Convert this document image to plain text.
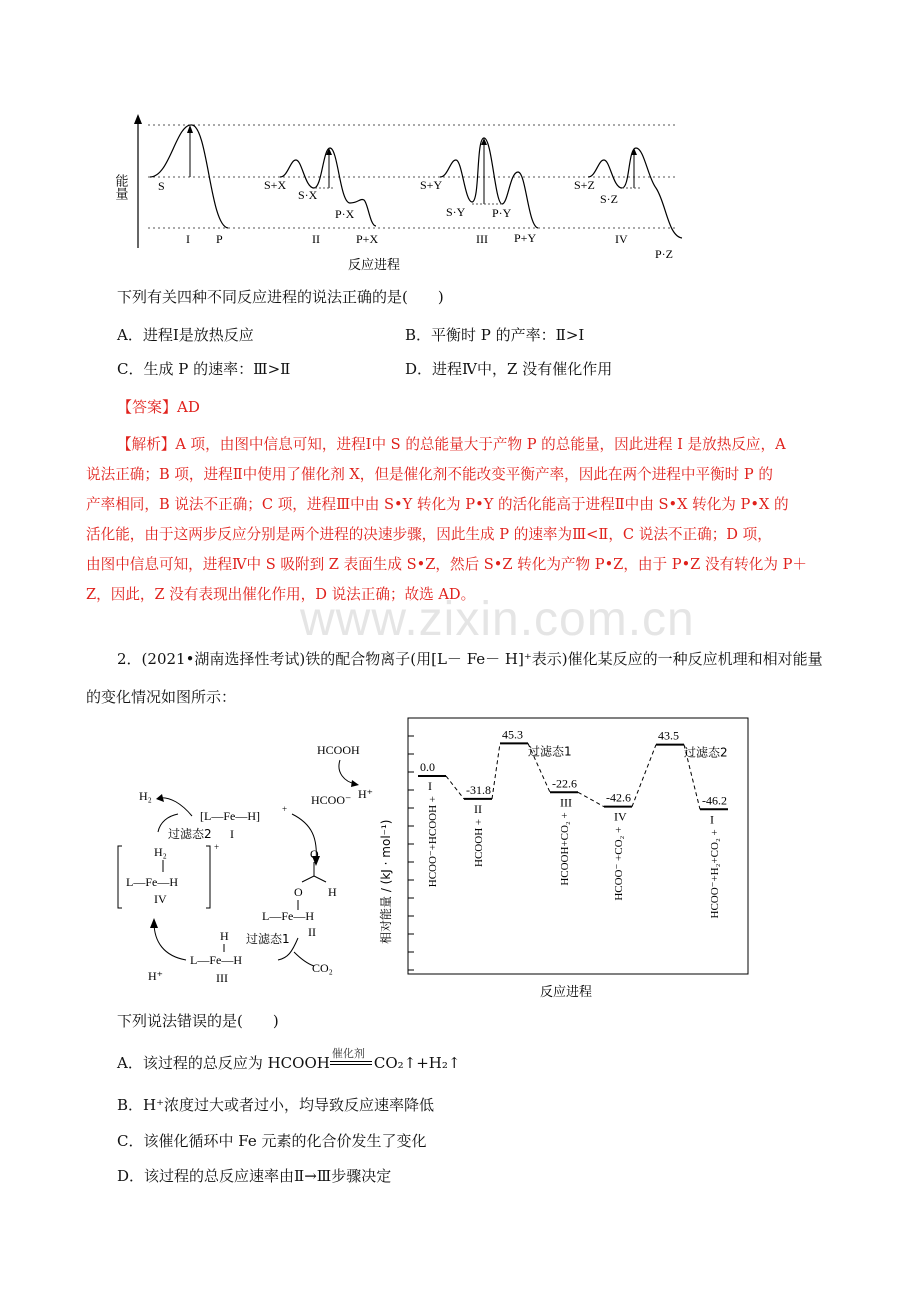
能量	S
I P
S+X
S·X
P·X
II	P+X
S+Y
S·Y P·Y
III P+Y
S+Z
S·Z
IV
P·Z
反应进程
下列有关四种不同反应进程的说法正确的是(　　)
A．进程Ⅰ是放热反应	B．平衡时 P 的产率：Ⅱ>Ⅰ
C．生成 P 的速率：Ⅲ>Ⅱ	D．进程Ⅳ中，Z 没有催化作用
【答案】AD
【解析】A 项，由图中信息可知，进程Ⅰ中 S 的总能量大于产物 P 的总能量，因此进程 I 是放热反应，A
说法正确；B 项，进程Ⅱ中使用了催化剂 X，但是催化剂不能改变平衡产率，因此在两个进程中平衡时 P 的
产率相同，B 说法不正确；C 项，进程Ⅲ中由 S•Y 转化为 P•Y 的活化能高于进程Ⅱ中由 S•X 转化为 P•X 的
活化能，由于这两步反应分别是两个进程的决速步骤，因此生成 P 的速率为Ⅲ<Ⅱ，C 说法不正确；D 项，
由图中信息可知，进程Ⅳ中 S 吸附到 Z 表面生成 S•Z，然后 S•Z 转化为产物 P•Z，由于 P•Z 没有转化为 P＋
Z，因此，Z 没有表现出催化作用，D 说法正确；故选 AD。
www.zixin.com.cn
2．(2021•湖南选择性考试)铁的配合物离子(用[L－ Fe－ H]⁺表示)催化某反应的一种反应机理和相对能量
的变化情况如图所示：
HCOOH
H⁺
HCOO⁻
H₂
[L—Fe—H] +
I
过滤态2
H₂
L—Fe—H
IV
+	O
O H
L—Fe—H
II
过滤态1
CO₂
H
L—Fe—H
III
H⁺
相对能量 / (kJ · mol⁻¹)
反应进程
0.0
I
HCOO⁻+HCOOH +
-31.8
II
HCOOH +
45.3
过滤态1
-22.6
III
HCOOH+CO₂ +
-42.6
IV
HCOO⁻ +CO₂ +
43.5
过滤态2
-46.2
I
HCOO⁻+H₂+CO₂ +
下列说法错误的是(　　)
A．该过程的总反应为 HCOOH
催化剂
CO₂↑+H₂↑
B．H⁺浓度过大或者过小，均导致反应速率降低
C．该催化循环中 Fe 元素的化合价发生了变化
D．该过程的总反应速率由Ⅱ→Ⅲ步骤决定
